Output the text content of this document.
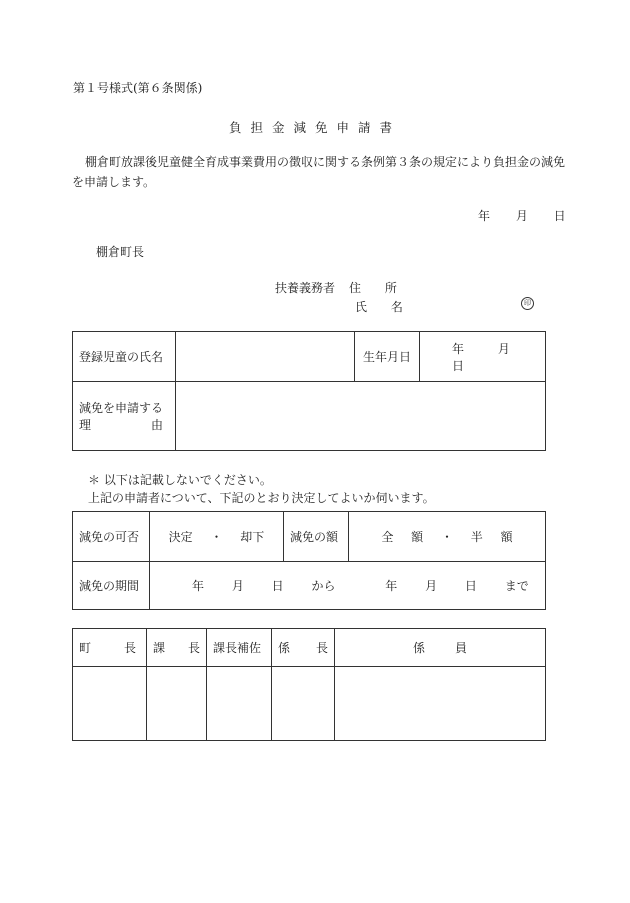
第１号様式(第６条関係)
負担金減免申請書
棚倉町放課後児童健全育成事業費用の徴収に関する条例第３条の規定により負担金の減免を申請します。
年 月 日
棚倉町長
扶養義務者 住 所
氏 名	印
登録児童の氏名		生年月日	年 月 日

減免を申請する
理 由			

＊ 以下は記載しないでください。
上記の申請者について、下記のとおり決定してよいか伺います。
減免の可否	決定 ・ 却下	減免の額	全 額 ・ 半 額
減免の期間	年 月 日 から 年 月 日 まで		
町 長	課 長	課長補佐	係 長	係 員
